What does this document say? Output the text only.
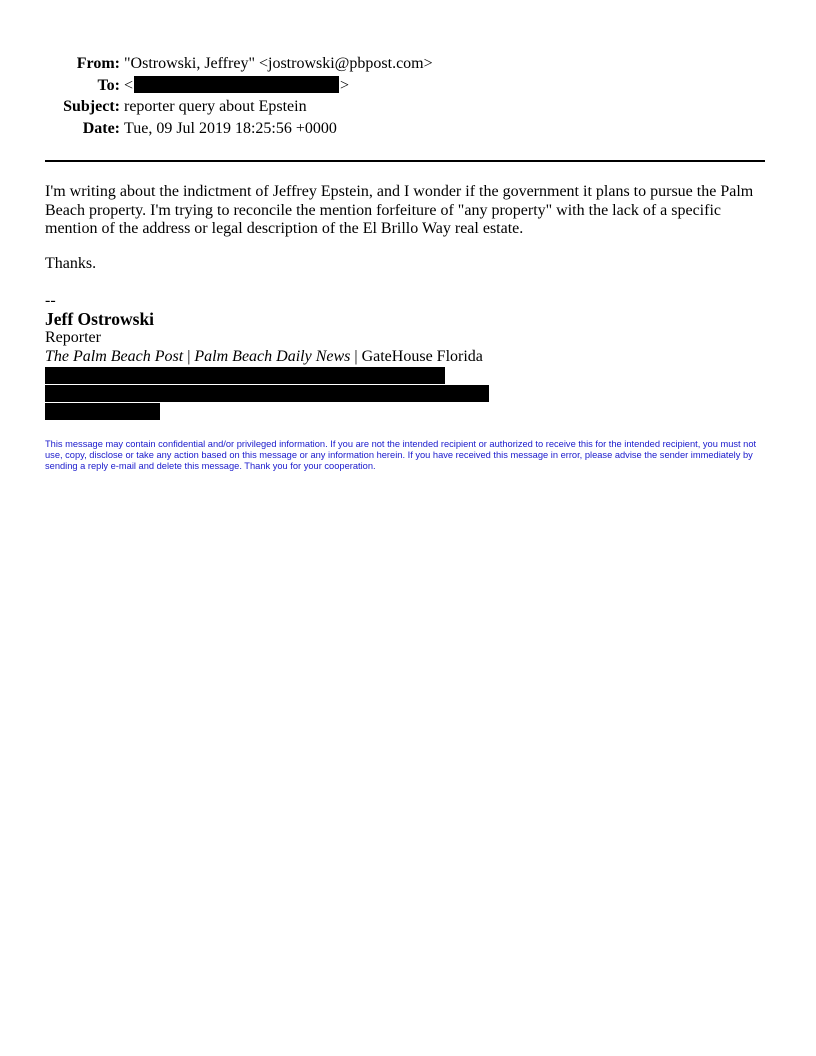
From: "Ostrowski, Jeffrey" <jostrowski@pbpost.com>
To: <	>
Subject: reporter query about Epstein
Date: Tue, 09 Jul 2019 18:25:56 +0000

I'm writing about the indictment of Jeffrey Epstein, and I wonder if the government it plans to pursue the Palm Beach property. I'm trying to reconcile the mention forfeiture of "any property" with the lack of a specific mention of the address or legal description of the El Brillo Way real estate.

Thanks.
--
Jeff Ostrowski
Reporter
The Palm Beach Post | Palm Beach Daily News | GateHouse Florida
This message may contain confidential and/or privileged information. If you are not the intended recipient or authorized to receive this for the intended recipient, you must not use, copy, disclose or take any action based on this message or any information herein. If you have received this message in error, please advise the sender immediately by sending a reply e-mail and delete this message. Thank you for your cooperation.
